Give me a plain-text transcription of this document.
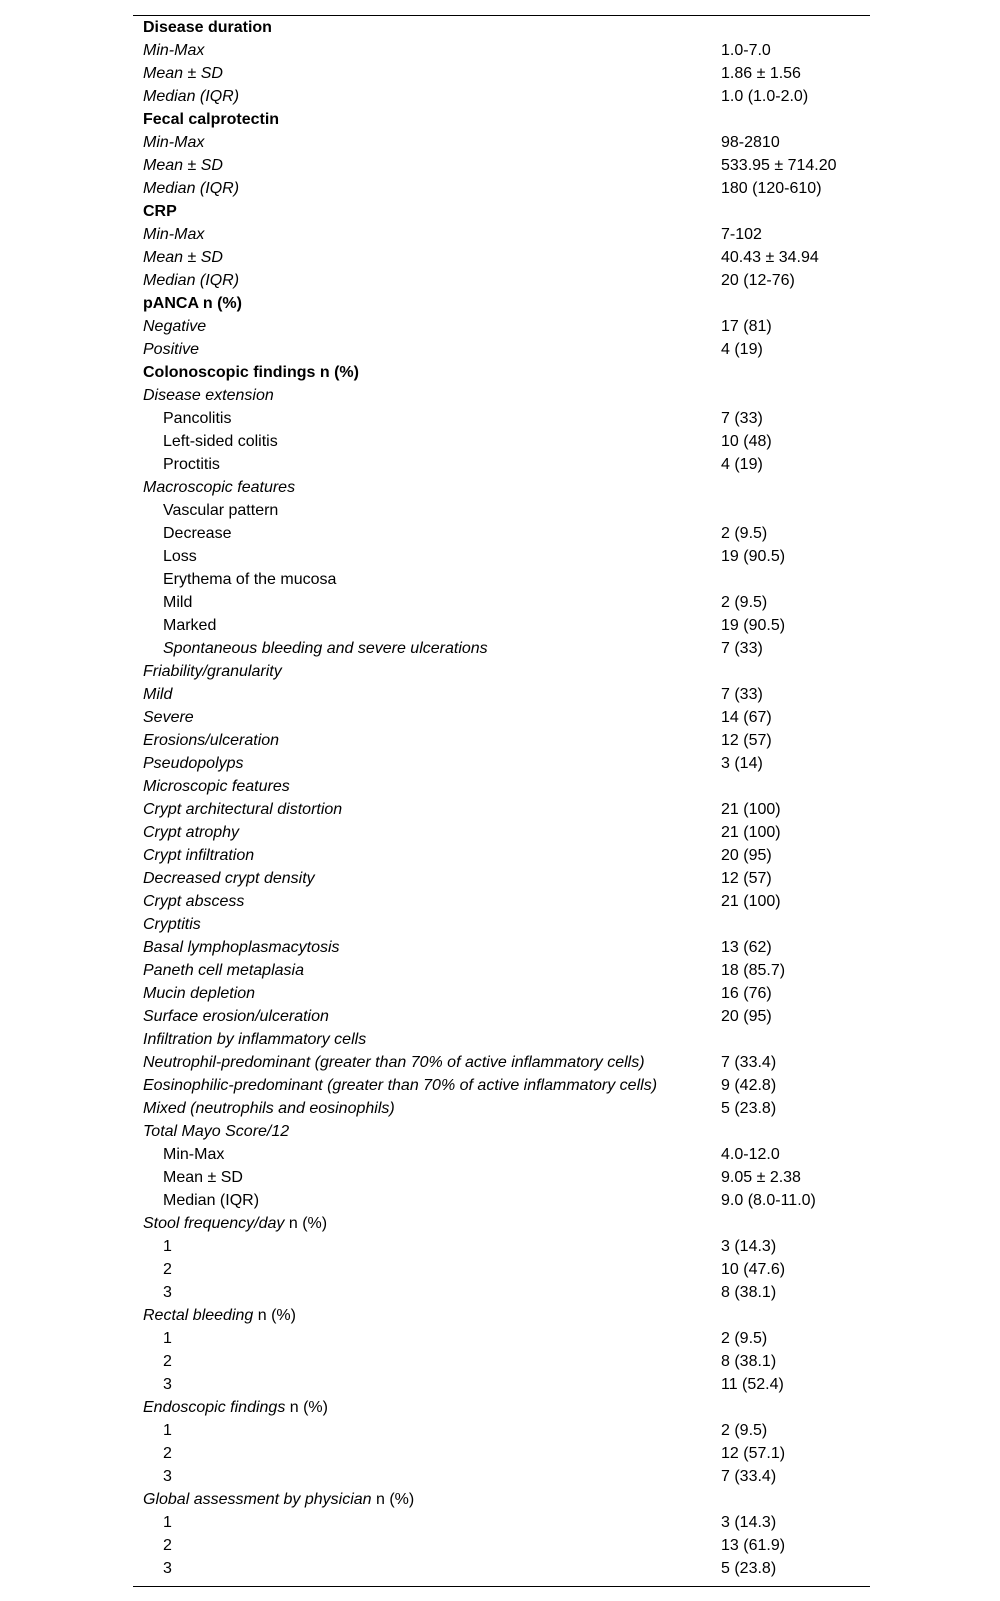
Disease duration
Min-Max	1.0-7.0
Mean ± SD	1.86 ± 1.56
Median (IQR)	1.0 (1.0-2.0)
Fecal calprotectin
Min-Max	98-2810
Mean ± SD	533.95 ± 714.20
Median (IQR)	180 (120-610)
CRP
Min-Max	7-102
Mean ± SD	40.43 ± 34.94
Median (IQR)	20 (12-76)
pANCA n (%)
Negative	17 (81)
Positive	4 (19)
Colonoscopic findings n (%)
Disease extension
Pancolitis	7 (33)
Left-sided colitis	10 (48)
Proctitis	4 (19)
Macroscopic features
Vascular pattern
Decrease	2 (9.5)
Loss	19 (90.5)
Erythema of the mucosa
Mild	2 (9.5)
Marked	19 (90.5)
Spontaneous bleeding and severe ulcerations	7 (33)
Friability/granularity
Mild	7 (33)
Severe	14 (67)
Erosions/ulceration	12 (57)
Pseudopolyps	3 (14)
Microscopic features
Crypt architectural distortion	21 (100)
Crypt atrophy	21 (100)
Crypt infiltration	20 (95)
Decreased crypt density	12 (57)
Crypt abscess	21 (100)
Cryptitis
Basal lymphoplasmacytosis	13 (62)
Paneth cell metaplasia	18 (85.7)
Mucin depletion	16 (76)
Surface erosion/ulceration	20 (95)
Infiltration by inflammatory cells
Neutrophil-predominant (greater than 70% of active inflammatory cells)	7 (33.4)
Eosinophilic-predominant (greater than 70% of active inflammatory cells)	9 (42.8)
Mixed (neutrophils and eosinophils)	5 (23.8)
Total Mayo Score/12
Min-Max	4.0-12.0
Mean ± SD	9.05 ± 2.38
Median (IQR)	9.0 (8.0-11.0)
Stool frequency/day n (%)
1	3 (14.3)
2	10 (47.6)
3	8 (38.1)
Rectal bleeding n (%)
1	2 (9.5)
2	8 (38.1)
3	11 (52.4)
Endoscopic findings n (%)
1	2 (9.5)
2	12 (57.1)
3	7 (33.4)
Global assessment by physician n (%)
1	3 (14.3)
2	13 (61.9)
3	5 (23.8)
